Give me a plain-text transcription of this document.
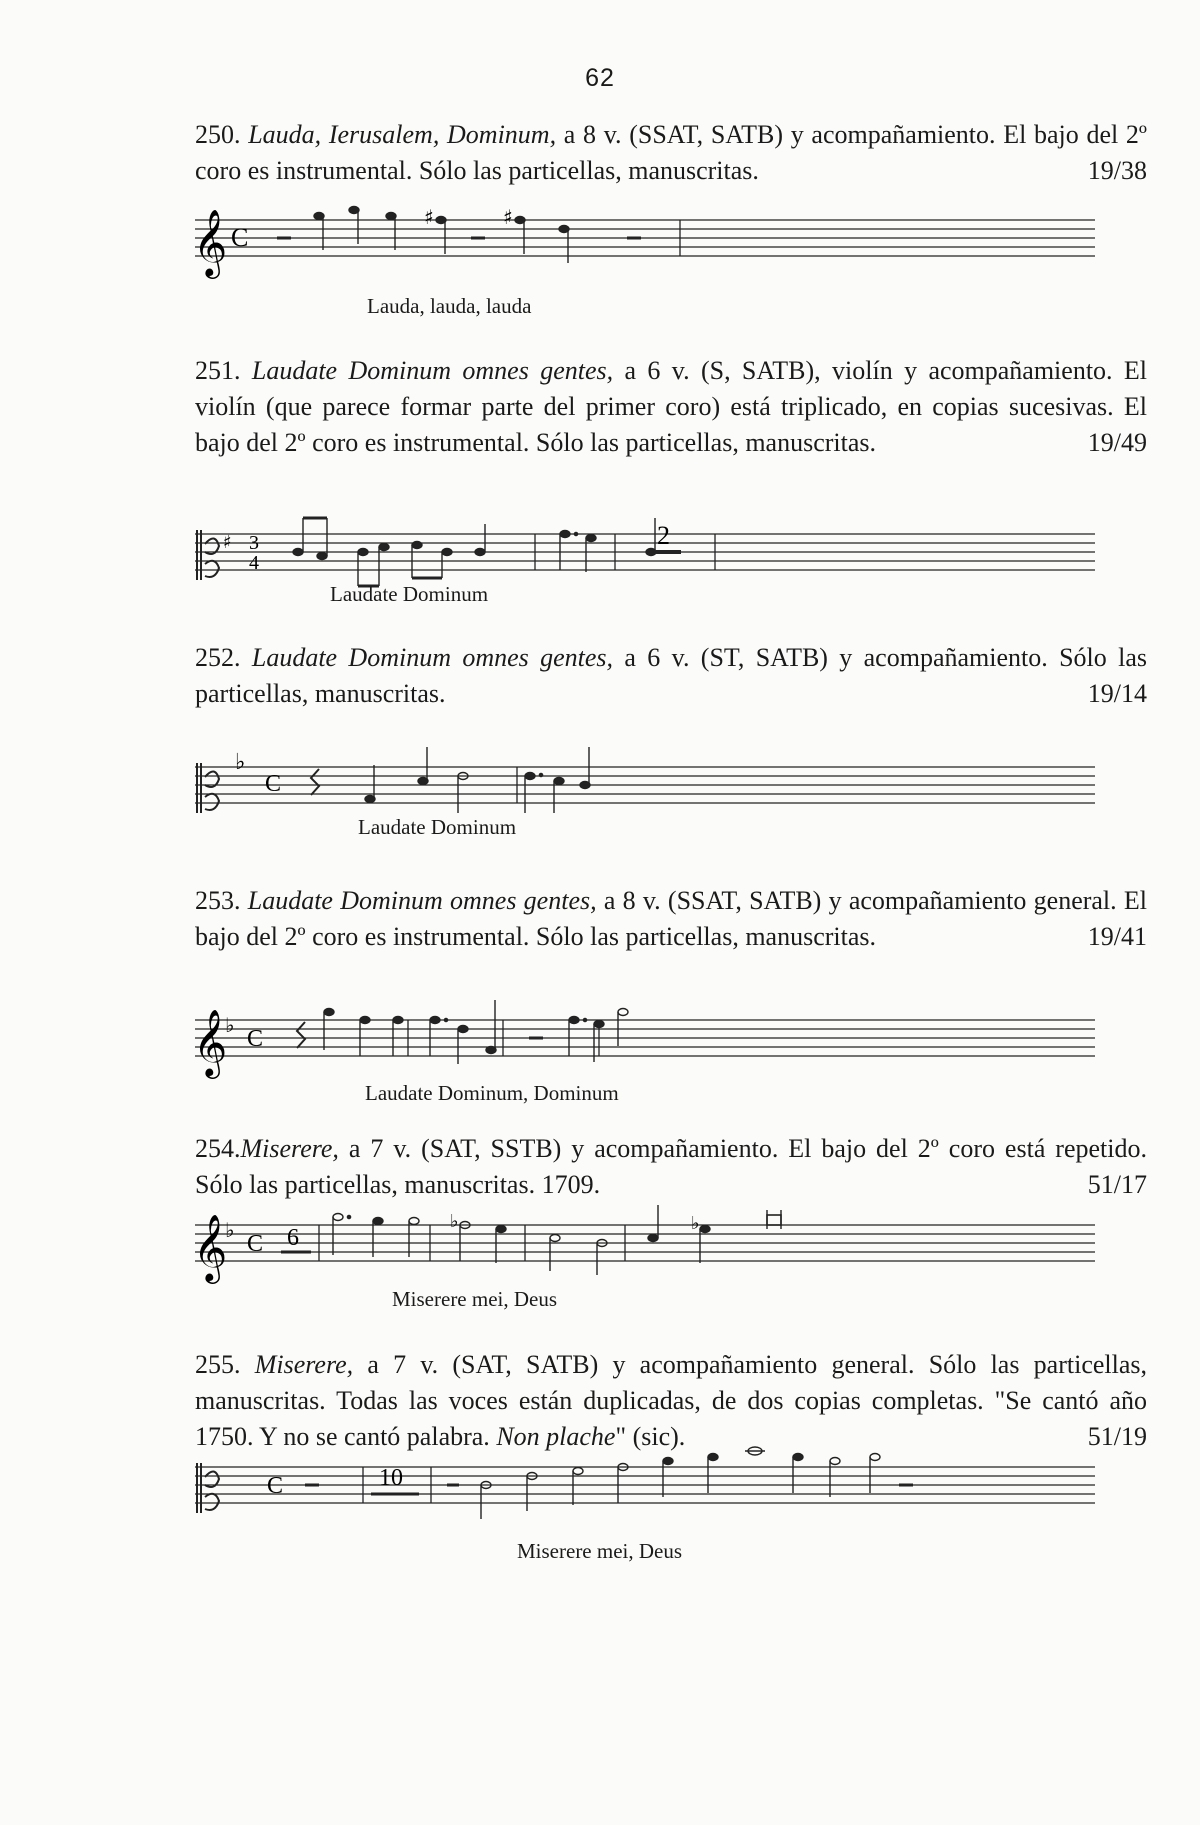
62

250. Lauda, Ierusalem, Dominum, a 8 v. (SSAT, SATB) y acompañamiento. El bajo del 2º coro es instrumental. Sólo las particellas, manuscritas.	19/38

𝄞 C
♯	♯
Lauda, lauda, lauda

251. Laudate Dominum omnes gentes, a 6 v. (S, SATB), violín y acompañamiento. El violín (que parece formar parte del primer coro) está triplicado, en copias sucesivas. El bajo del 2º coro es instrumental. Sólo las particellas, manuscritas.	19/49

♯ 3
4
2
Laudate Dominum

252. Laudate Dominum omnes gentes, a 6 v. (ST, SATB) y acompañamiento. Sólo las particellas, manuscritas.	19/14

♭
C
Laudate Dominum

253. Laudate Dominum omnes gentes, a 8 v. (SSAT, SATB) y acompañamiento general. El bajo del 2º coro es instrumental. Sólo las particellas, manuscritas.	19/41

𝄞
♭
C
Laudate Dominum, Dominum

254.Miserere, a 7 v. (SAT, SSTB) y acompañamiento. El bajo del 2º coro está repetido. Sólo las particellas, manuscritas. 1709.	51/17

𝄞
♭
C 6
♭	♭
Miserere mei, Deus

255. Miserere, a 7 v. (SAT, SATB) y acompañamiento general. Sólo las particellas, manuscritas. Todas las voces están duplicadas, de dos copias completas. "Se cantó año 1750. Y no se cantó palabra. Non plache" (sic).	51/19

C	10
Miserere mei, Deus
